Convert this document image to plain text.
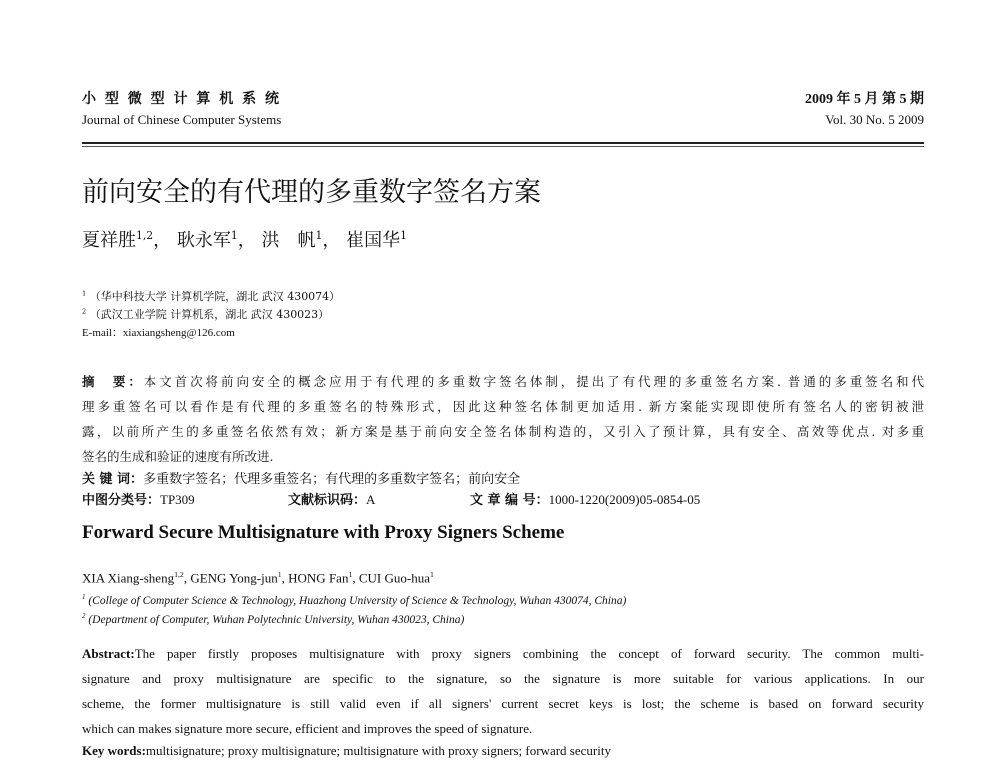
小 型 微 型 计 算 机 系 统
Journal of Chinese Computer Systems
2009 年 5 月 第 5 期
Vol. 30 No. 5 2009
前向安全的有代理的多重数字签名方案
夏祥胜$^{1,2}$， 耿永军$^1$， 洪　帆$^1$， 崔国华$^1$
$^1$ （华中科技大学 计算机学院，湖北 武汉 430074）
$^2$ （武汉工业学院 计算机系，湖北 武汉 430023）
E-mail：xiaxiangsheng@126.com
摘　要：本文首次将前向安全的概念应用于有代理的多重数字签名体制，提出了有代理的多重签名方案. 普通的多重签名和代
理多重签名可以看作是有代理的多重签名的特殊形式，因此这种签名体制更加适用. 新方案能实现即使所有签名人的密钥被泄
露，以前所产生的多重签名依然有效；新方案是基于前向安全签名体制构造的，又引入了预计算，具有安全、高效等优点. 对多重
签名的生成和验证的速度有所改进.
关 键 词：多重数字签名；代理多重签名；有代理的多重数字签名；前向安全
中图分类号：TP309	文献标识码：A	文 章 编 号：1000-1220(2009)05-0854-05
Forward Secure Multisignature with Proxy Signers Scheme
XIA Xiang-sheng$^{1,2}$, GENG Yong-jun$^1$, HONG Fan$^1$, CUI Guo-hua$^1$
$^1$ (College of Computer Science & Technology, Huazhong University of Science & Technology, Wuhan 430074, China)
$^2$ (Department of Computer, Wuhan Polytechnic University, Wuhan 430023, China)
Abstract:The paper firstly proposes multisignature with proxy signers combining the concept of forward security. The common multi-
signature and proxy multisignature are specific to the signature, so the signature is more suitable for various applications. In our
scheme, the former multisignature is still valid even if all signers' current secret keys is lost; the scheme is based on forward security
which can makes signature more secure, efficient and improves the speed of signature.
Key words:multisignature; proxy multisignature; multisignature with proxy signers; forward security
